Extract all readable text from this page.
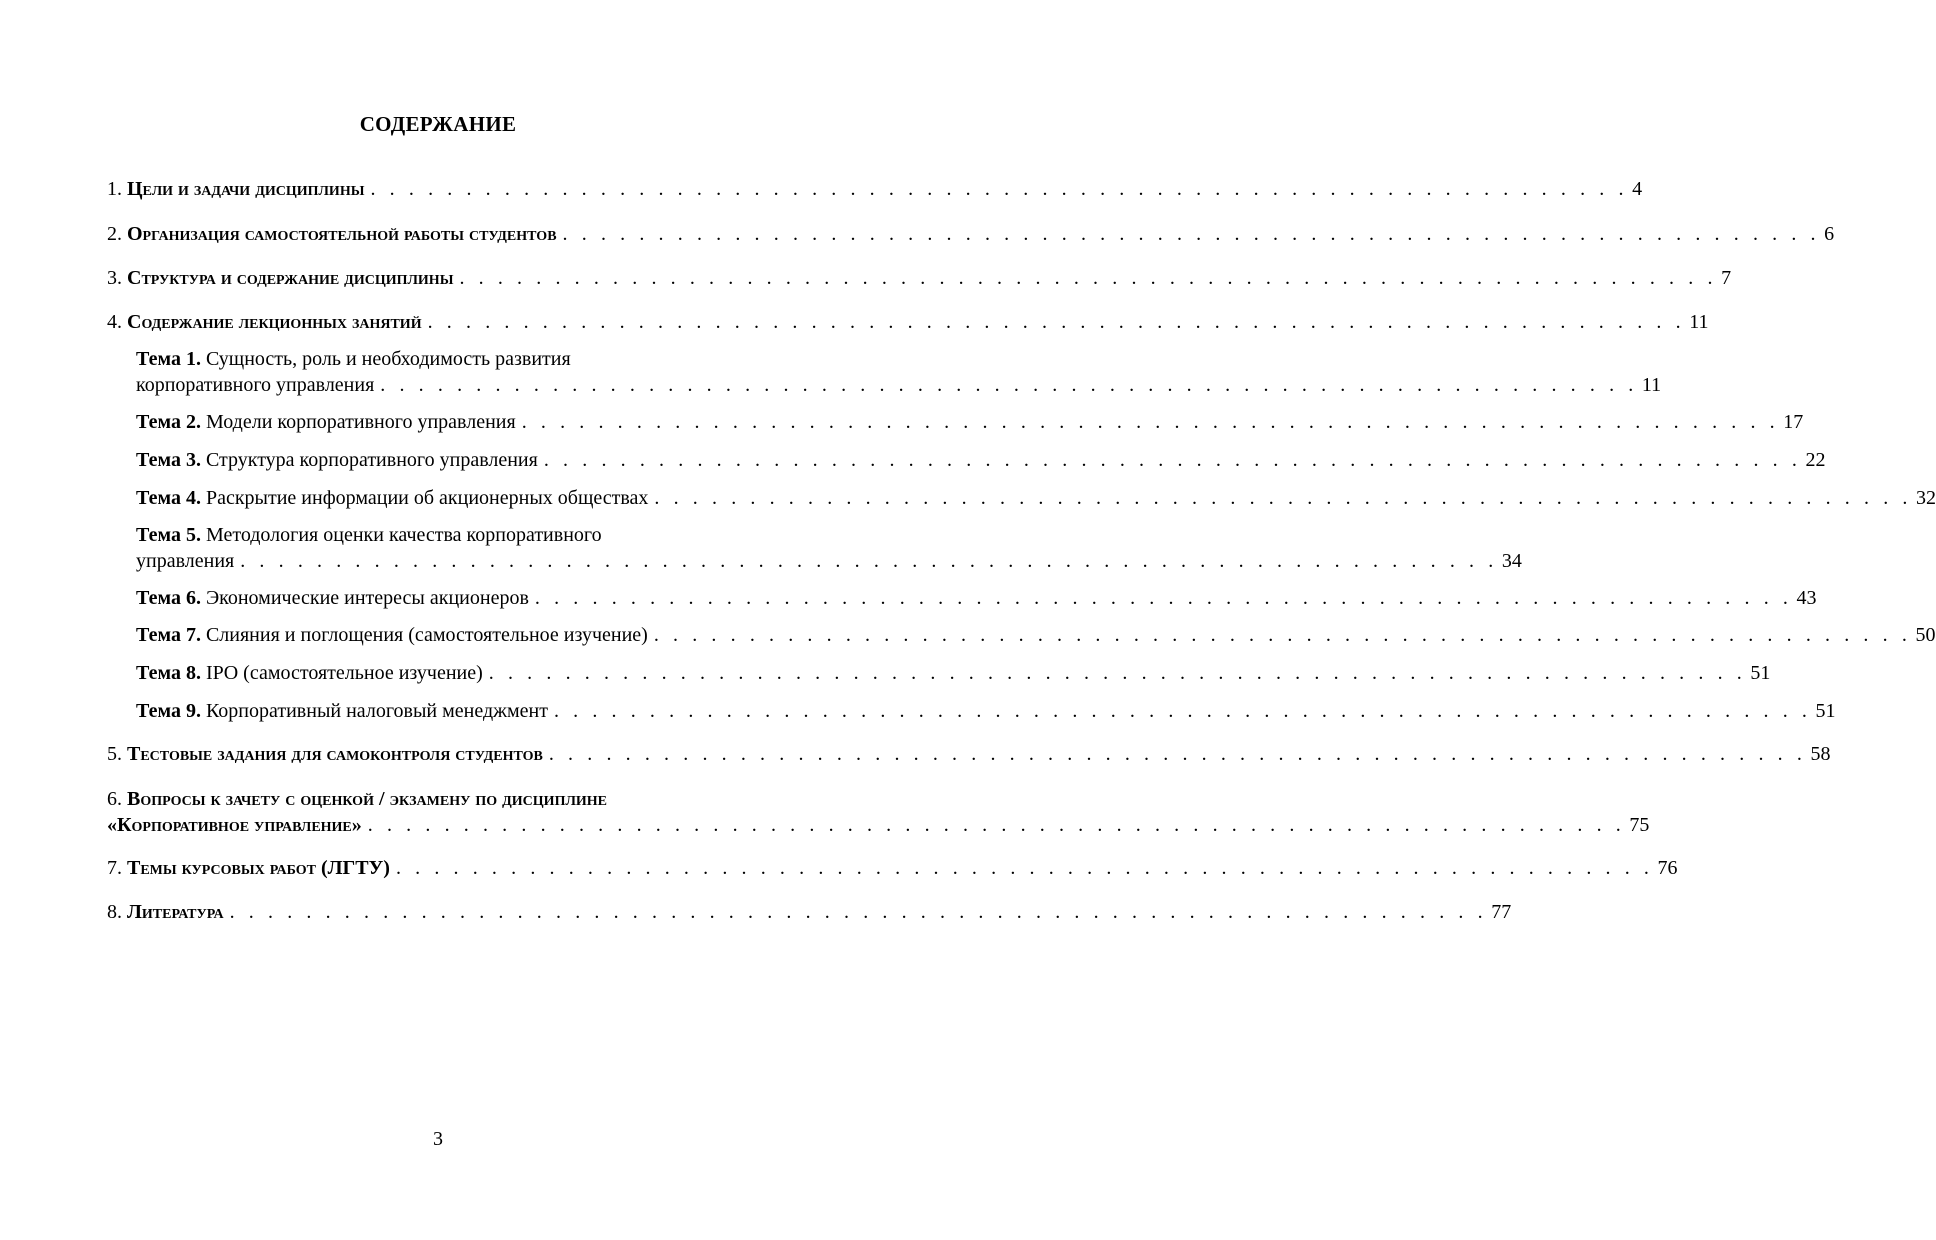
СОДЕРЖАНИЕ
1. Цели и задачи дисциплины . . . . . . . . . . . . . . . . . . . . . . . . . . . . . . . . . . . . . . . . . . . . . . . . . . . . . . . . . . . . . . . . . . 4
2. Организация самостоятельной работы студентов . . . . . . . . . . . . . . . . . . . . . . . . . . . . . . . . . . . . . . . . . . . . . . . . . . . . . . . . . . . . . . . . . . 6
3. Структура и содержание дисциплины . . . . . . . . . . . . . . . . . . . . . . . . . . . . . . . . . . . . . . . . . . . . . . . . . . . . . . . . . . . . . . . . . . 7
4. Содержание лекционных занятий . . . . . . . . . . . . . . . . . . . . . . . . . . . . . . . . . . . . . . . . . . . . . . . . . . . . . . . . . . . . . . . . . . 11
Тема 1. Сущность, роль и необходимость развития
корпоративного управления . . . . . . . . . . . . . . . . . . . . . . . . . . . . . . . . . . . . . . . . . . . . . . . . . . . . . . . . . . . . . . . . . . 11
Тема 2. Модели корпоративного управления . . . . . . . . . . . . . . . . . . . . . . . . . . . . . . . . . . . . . . . . . . . . . . . . . . . . . . . . . . . . . . . . . . 17
Тема 3. Структура корпоративного управления . . . . . . . . . . . . . . . . . . . . . . . . . . . . . . . . . . . . . . . . . . . . . . . . . . . . . . . . . . . . . . . . . . 22
Тема 4. Раскрытие информации об акционерных обществах . . . . . . . . . . . . . . . . . . . . . . . . . . . . . . . . . . . . . . . . . . . . . . . . . . . . . . . . . . . . . . . . . . 32
Тема 5. Методология оценки качества корпоративного
управления . . . . . . . . . . . . . . . . . . . . . . . . . . . . . . . . . . . . . . . . . . . . . . . . . . . . . . . . . . . . . . . . . . 34
Тема 6. Экономические интересы акционеров . . . . . . . . . . . . . . . . . . . . . . . . . . . . . . . . . . . . . . . . . . . . . . . . . . . . . . . . . . . . . . . . . . 43
Тема 7. Слияния и поглощения (самостоятельное изучение) . . . . . . . . . . . . . . . . . . . . . . . . . . . . . . . . . . . . . . . . . . . . . . . . . . . . . . . . . . . . . . . . . . 50
Тема 8. IPO (самостоятельное изучение) . . . . . . . . . . . . . . . . . . . . . . . . . . . . . . . . . . . . . . . . . . . . . . . . . . . . . . . . . . . . . . . . . . 51
Тема 9. Корпоративный налоговый менеджмент . . . . . . . . . . . . . . . . . . . . . . . . . . . . . . . . . . . . . . . . . . . . . . . . . . . . . . . . . . . . . . . . . . 51
5. Тестовые задания для самоконтроля студентов . . . . . . . . . . . . . . . . . . . . . . . . . . . . . . . . . . . . . . . . . . . . . . . . . . . . . . . . . . . . . . . . . . 58
6. Вопросы к зачету с оценкой / экзамену по дисциплине
«Корпоративное управление» . . . . . . . . . . . . . . . . . . . . . . . . . . . . . . . . . . . . . . . . . . . . . . . . . . . . . . . . . . . . . . . . . . 75
7. Темы курсовых работ (ЛГТУ) . . . . . . . . . . . . . . . . . . . . . . . . . . . . . . . . . . . . . . . . . . . . . . . . . . . . . . . . . . . . . . . . . . 76
8. Литература . . . . . . . . . . . . . . . . . . . . . . . . . . . . . . . . . . . . . . . . . . . . . . . . . . . . . . . . . . . . . . . . . . 77
3
